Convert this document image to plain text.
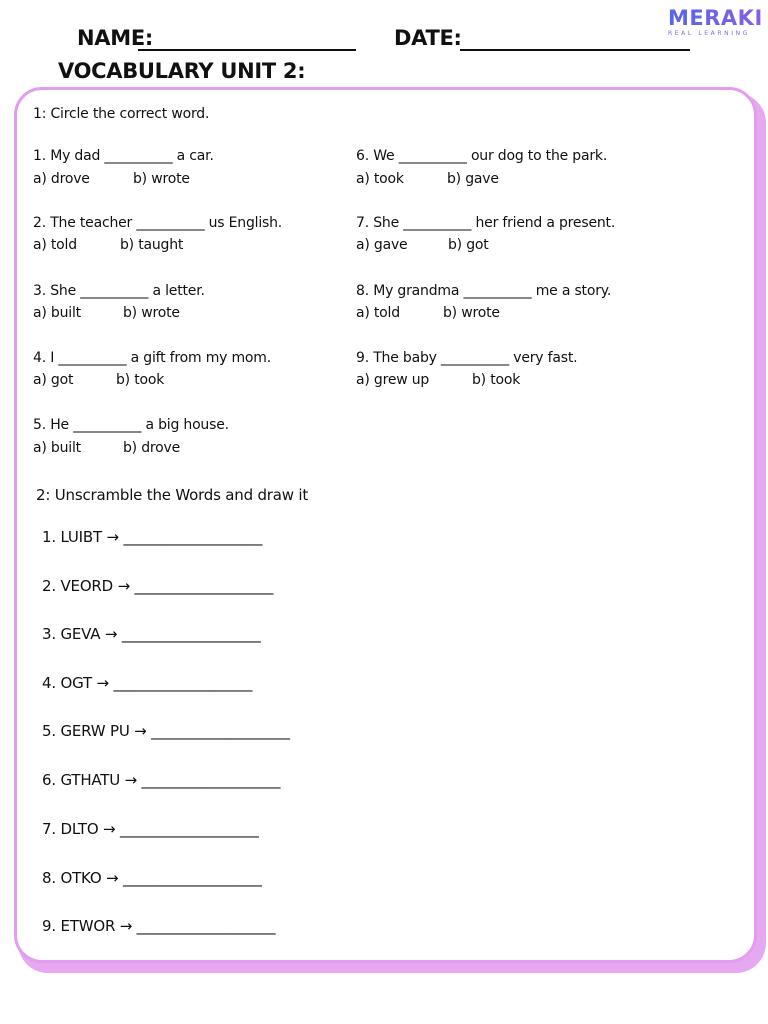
NAME:	DATE:
VOCABULARY UNIT 2:
MERAKI
REAL LEARNING
1: Circle the correct word.
1. My dad __________ a car.
a) drove	b) wrote
2. The teacher __________ us English.
a) told	b) taught
3. She __________ a letter.
a) built	b) wrote
4. I __________ a gift from my mom.
a) got	b) took
5. He __________ a big house.
a) built	b) drove
6. We __________ our dog to the park.
a) took	b) gave
7. She __________ her friend a present.
a) gave	b) got
8. My grandma __________ me a story.
a) told	b) wrote
9. The baby __________ very fast.
a) grew up	b) took
2: Unscramble the Words and draw it
1. LUIBT → ___________________
2. VEORD → ___________________
3. GEVA → ___________________
4. OGT → ___________________
5. GERW PU → ___________________
6. GTHATU → ___________________
7. DLTO → ___________________
8. OTKO → ___________________
9. ETWOR → ___________________
